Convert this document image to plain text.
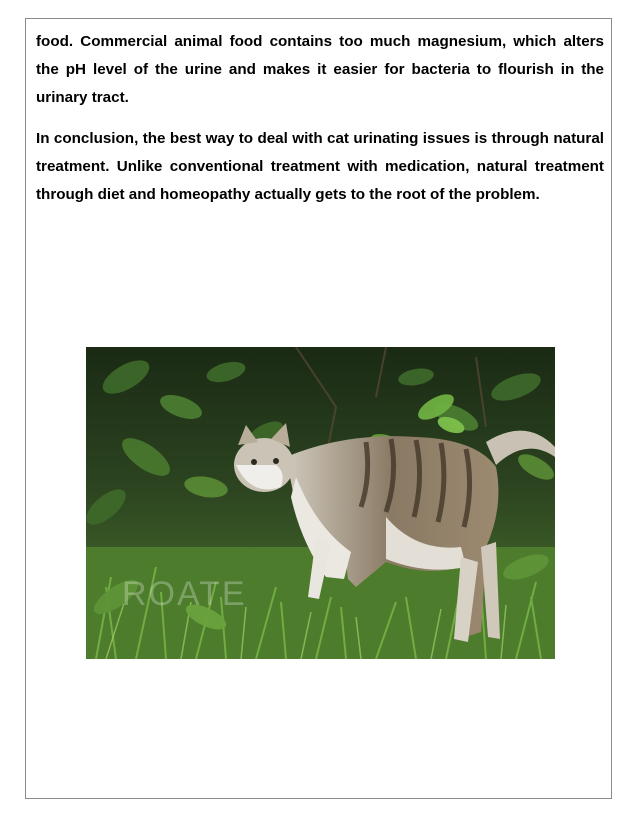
food. Commercial animal food contains too much magnesium, which alters the pH level of the urine and makes it easier for bacteria to flourish in the urinary tract.

In conclusion, the best way to deal with cat urinating issues is through natural treatment. Unlike conventional treatment with medication, natural treatment through diet and homeopathy actually gets to the root of the problem.

ROATE
